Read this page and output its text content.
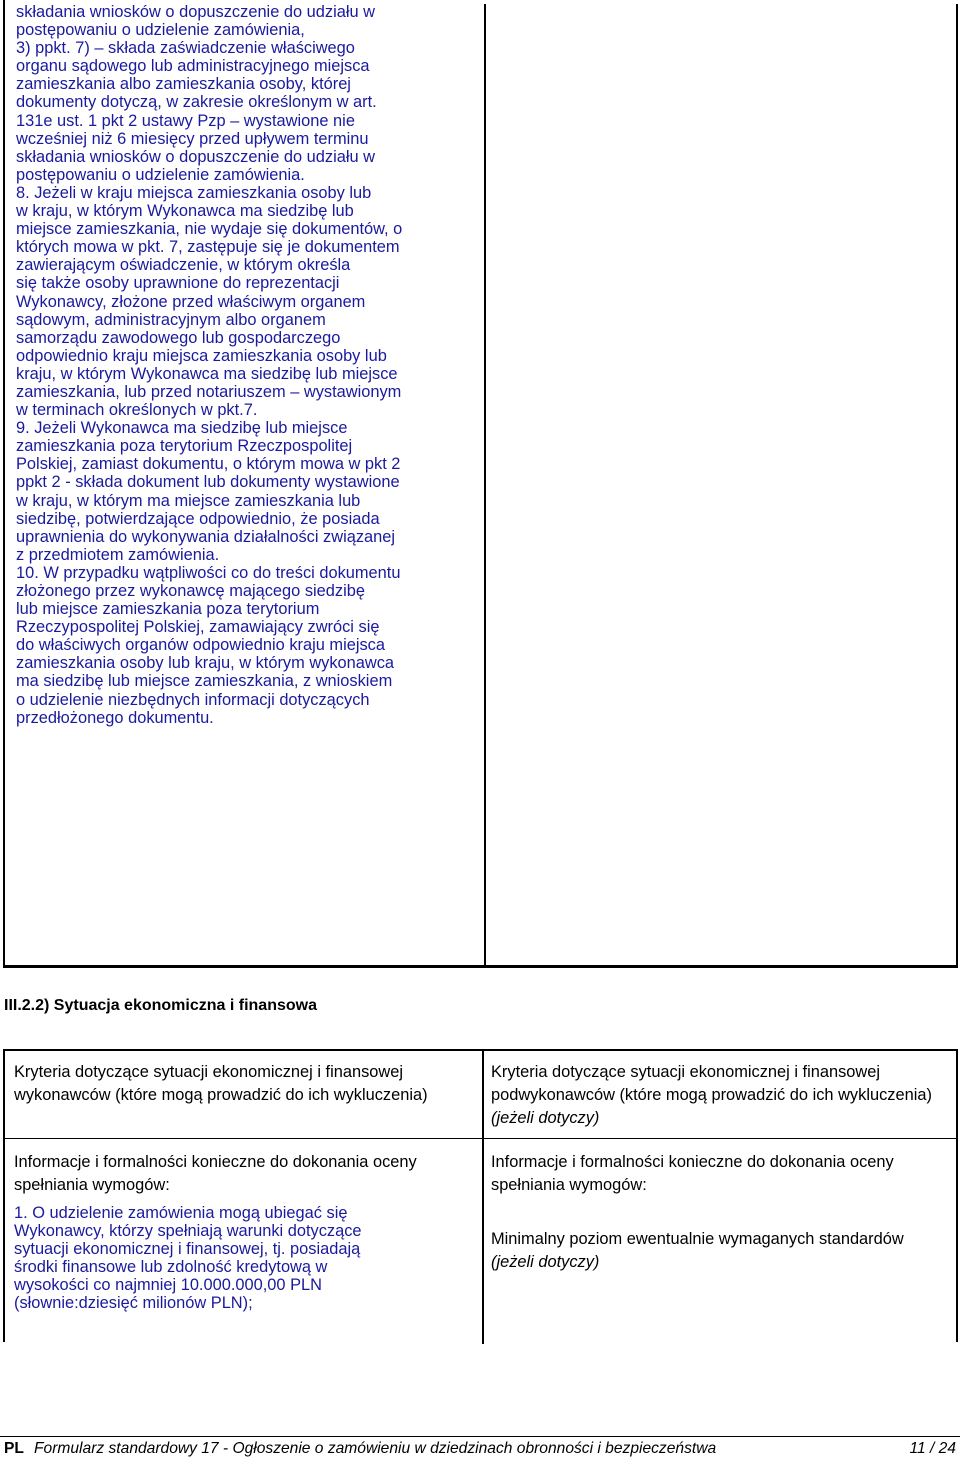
składania wniosków o dopuszczenie do udziału w

postępowaniu o udzielenie zamówienia,

3) ppkt. 7) – składa zaświadczenie właściwego

organu sądowego lub administracyjnego miejsca

zamieszkania albo zamieszkania osoby, której

dokumenty dotyczą, w zakresie określonym w art.

131e ust. 1 pkt 2 ustawy Pzp – wystawione nie

wcześniej niż 6 miesięcy przed upływem terminu

składania wniosków o dopuszczenie do udziału w

postępowaniu o udzielenie zamówienia.

8. Jeżeli w kraju miejsca zamieszkania osoby lub

w kraju, w którym Wykonawca ma siedzibę lub

miejsce zamieszkania, nie wydaje się dokumentów, o

których mowa w pkt. 7, zastępuje się je dokumentem

zawierającym oświadczenie, w którym określa

się także osoby uprawnione do reprezentacji

Wykonawcy, złożone przed właściwym organem

sądowym, administracyjnym albo organem

samorządu zawodowego lub gospodarczego

odpowiednio kraju miejsca zamieszkania osoby lub

kraju, w którym Wykonawca ma siedzibę lub miejsce

zamieszkania, lub przed notariuszem – wystawionym

w terminach określonych w pkt.7.

9. Jeżeli Wykonawca ma siedzibę lub miejsce

zamieszkania poza terytorium Rzeczpospolitej

Polskiej, zamiast dokumentu, o którym mowa w pkt 2

ppkt 2 - składa dokument lub dokumenty wystawione

w kraju, w którym ma miejsce zamieszkania lub

siedzibę, potwierdzające odpowiednio, że posiada

uprawnienia do wykonywania działalności związanej

z przedmiotem zamówienia.

10. W przypadku wątpliwości co do treści dokumentu

złożonego przez wykonawcę mającego siedzibę

lub miejsce zamieszkania poza terytorium

Rzeczypospolitej Polskiej, zamawiający zwróci się

do właściwych organów odpowiednio kraju miejsca

zamieszkania osoby lub kraju, w którym wykonawca

ma siedzibę lub miejsce zamieszkania, z wnioskiem

o udzielenie niezbędnych informacji dotyczących

przedłożonego dokumentu.

III.2.2) Sytuacja ekonomiczna i finansowa

Kryteria dotyczące sytuacji ekonomicznej i finansowej wykonawców (które mogą prowadzić do ich wykluczenia)

Kryteria dotyczące sytuacji ekonomicznej i finansowej podwykonawców (które mogą prowadzić do ich wykluczenia) (jeżeli dotyczy)

Informacje i formalności konieczne do dokonania oceny spełniania wymogów:

Informacje i formalności konieczne do dokonania oceny spełniania wymogów:

1. O udzielenie zamówienia mogą ubiegać się

Wykonawcy, którzy spełniają warunki dotyczące

sytuacji ekonomicznej i finansowej, tj. posiadają

środki finansowe lub zdolność kredytową w

wysokości co najmniej 10.000.000,00 PLN

(słownie:dziesięć milionów PLN);

Minimalny poziom ewentualnie wymaganych standardów (jeżeli dotyczy)

PL Formularz standardowy 17 - Ogłoszenie o zamówieniu w dziedzinach obronności i bezpieczeństwa	11 / 24
